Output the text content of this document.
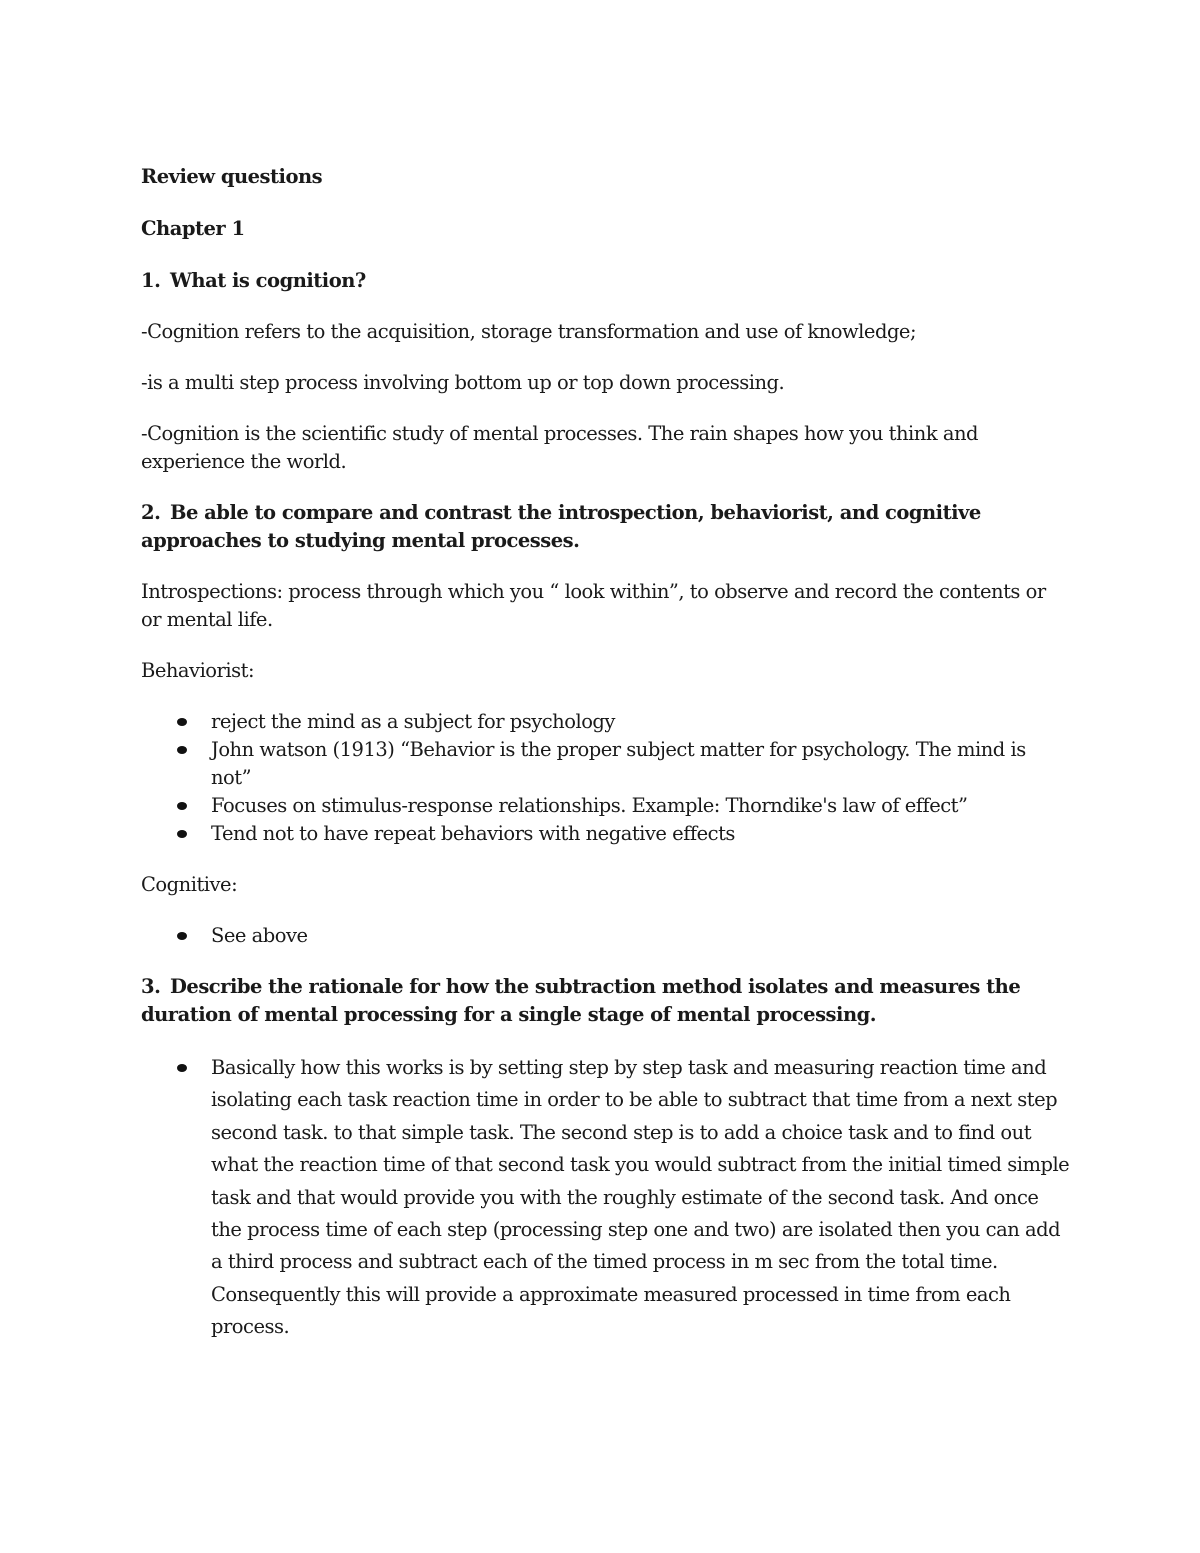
Review questions

Chapter 1

1. What is cognition?

-Cognition refers to the acquisition, storage transformation and use of knowledge;

-is a multi step process involving bottom up or top down processing.

-Cognition is the scientific study of mental processes. The rain shapes how you think and experience the world.

2. Be able to compare and contrast the introspection, behaviorist, and cognitive approaches to studying mental processes.

Introspections: process through which you “ look within”, to observe and record the contents or or mental life.

Behaviorist:

reject the mind as a subject for psychology
John watson (1913) “Behavior is the proper subject matter for psychology. The mind is not”
Focuses on stimulus-response relationships. Example: Thorndike's law of effect”
Tend not to have repeat behaviors with negative effects

Cognitive:

See above

3. Describe the rationale for how the subtraction method isolates and measures the duration of mental processing for a single stage of mental processing.

Basically how this works is by setting step by step task and measuring reaction time and isolating each task reaction time in order to be able to subtract that time from a next step second task. to that simple task. The second step is to add a choice task and to find out what the reaction time of that second task you would subtract from the initial timed simple task and that would provide you with the roughly estimate of the second task. And once the process time of each step (processing step one and two) are isolated then you can add a third process and subtract each of the timed process in m sec from the total time. Consequently this will provide a approximate measured processed in time from each process.
